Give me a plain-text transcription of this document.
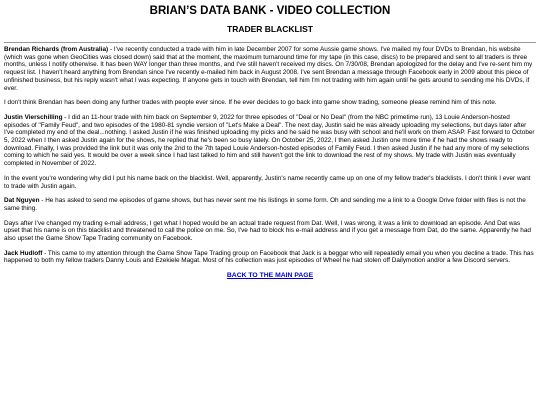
BRIAN’S DATA BANK - VIDEO COLLECTION
TRADER BLACKLIST

Brendan Richards (from Australia) - I've recently conducted a trade with him in late December 2007 for some Aussie game shows. I've mailed my four DVDs to Brendan, his website (which was gone when GeoCities was closed down) said that at the moment, the maximum turnaround time for my tape (in this case, discs) to be prepared and sent to all traders is three months, unless I notify otherwise. It has been WAY longer than three months, and I've still haven't received my discs. On 7/30/08, Brendan apologized for the delay and I've re-sent him my request list. I haven't heard anything from Brendan since I've recently e-mailed him back in August 2008. I've sent Brendan a message through Facebook early in 2009 about this piece of unfinished business, but his reply wasn't what I was expecting. If anyone gets in touch with Brendan, tell him I'm not trading with him again until he gets around to sending me his DVDs, if ever.

I don't think Brendan has been doing any further trades with people ever since. If he ever decides to go back into game show trading, someone please remind him of this note.

Justin Vierschilling - I did an 11-hour trade with him back on September 9, 2022 for three episodes of "Deal or No Deal" (from the NBC primetime run), 13 Louie Anderson-hosted episodes of "Family Feud", and two episodes of the 1980-81 syndie version of "Let's Make a Deal". The next day, Justin said he was already uploading my selections, but days later after I've completed my end of the deal...nothing. I asked Justin if he was finished uploading my picks and he said he was busy with school and he'll work on them ASAP. Fast forward to October 5, 2022 when I then asked Justin again for the shows, he replied that he's been so busy lately. On October 25, 2022, I then asked Justin one more time if he had the shows ready to download. Finally, I was provided the link but it was only the 2nd to the 7th taped Louie Anderson-hosted episodes of Family Feud. I then asked Justin if he had any more of my selections coming to which he said yes. It would be over a week since I had last talked to him and still haven't got the link to download the rest of my shows. My trade with Justin was eventually completed in November of 2022.

In the event you're wondering why did I put his name back on the blacklist. Well, apparently, Justin's name recently came up on one of my fellow trader's blacklists. I don't think I ever want to trade with Justin again.

Dat Nguyen - He has asked to send me episodes of game shows, but has never sent me his listings in some form. Oh and sending me a link to a Google Drive folder with files is not the same thing.

Days after I've changed my trading e-mail address, I get what I hoped would be an actual trade request from Dat. Well, I was wrong, it was a link to download an episode. And Dat was upset that his name is on this blacklist and threatened to call the police on me. So, I've had to block his e-mail address and if you get a message from Dat, do the same. Apparently he had also upset the Game Show Tape Trading community on Facebook.

Jack Hudloff - This came to my attention through the Game Show Tape Trading group on Facebook that Jack is a beggar who will repeatedly email you when you decline a trade. This has happened to both my fellow traders Danny Louis and Ezekiele Magat. Most of his collection was just episodes of Wheel he had stolen off Dailymotion and/or a few Discord servers.

BACK TO THE MAIN PAGE
